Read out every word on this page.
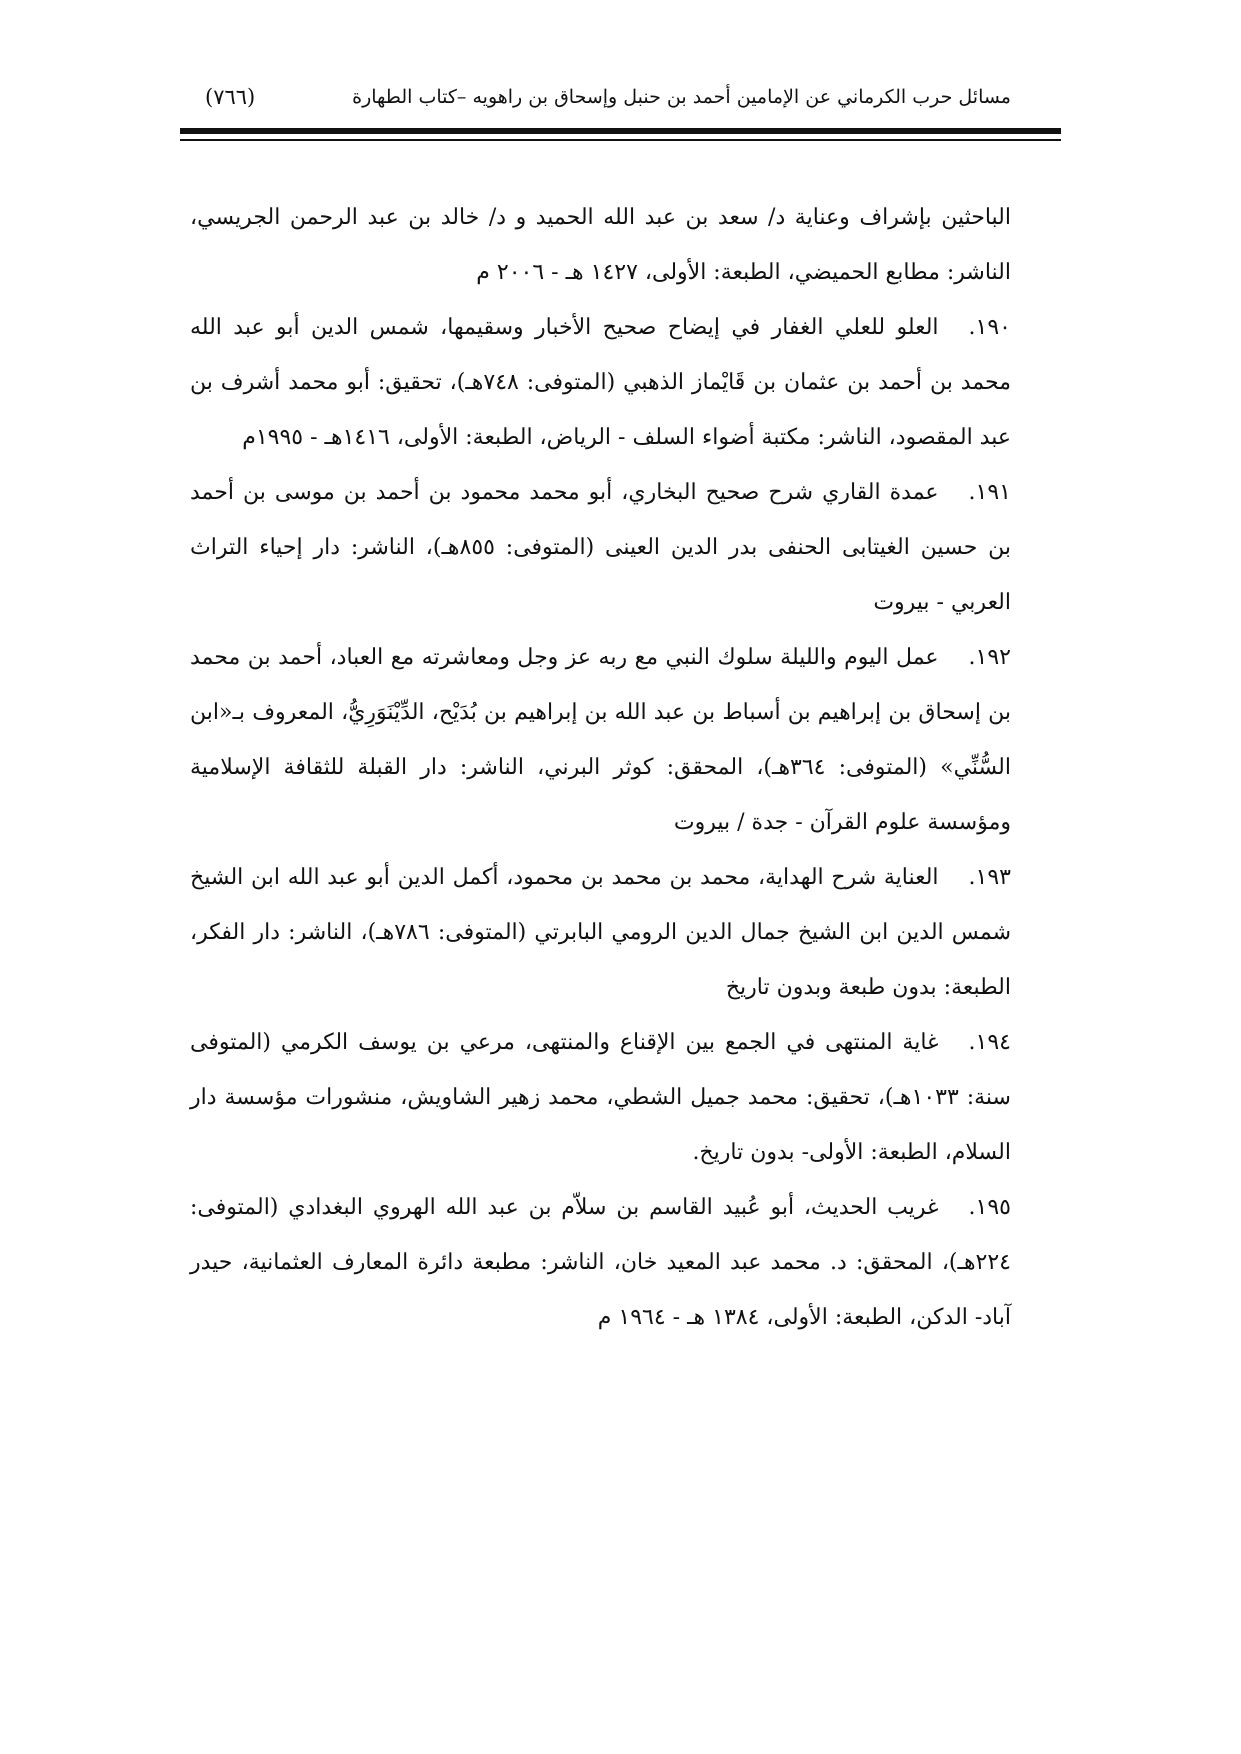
مسائل حرب الكرماني عن الإمامين أحمد بن حنبل وإسحاق بن راهويه –كتاب الطهارة
(٧٦٦)

الباحثين بإشراف وعناية د/ سعد بن عبد الله الحميد و د/ خالد بن عبد الرحمن الجريسي، الناشر: مطابع الحميضي، الطبعة: الأولى، ١٤٢٧ هـ - ٢٠٠٦ م

١٩٠.العلو للعلي الغفار في إيضاح صحيح الأخبار وسقيمها، شمس الدين أبو عبد الله محمد بن أحمد بن عثمان بن قَايْماز الذهبي (المتوفى: ٧٤٨هـ)، تحقيق: أبو محمد أشرف بن عبد المقصود، الناشر: مكتبة أضواء السلف - الرياض، الطبعة: الأولى، ١٤١٦هـ - ١٩٩٥م

١٩١.عمدة القاري شرح صحيح البخاري، أبو محمد محمود بن أحمد بن موسى بن أحمد بن حسين الغيتابى الحنفى بدر الدين العينى (المتوفى: ٨٥٥هـ)، الناشر: دار إحياء التراث العربي - بيروت

١٩٢.عمل اليوم والليلة سلوك النبي مع ربه عز وجل ومعاشرته مع العباد، أحمد بن محمد بن إسحاق بن إبراهيم بن أسباط بن عبد الله بن إبراهيم بن بُدَيْح، الدِّيْنَوَرِيُّ، المعروف بـ«ابن السُّنِّي» (المتوفى: ٣٦٤هـ)، المحقق: كوثر البرني، الناشر: دار القبلة للثقافة الإسلامية ومؤسسة علوم القرآن - جدة / بيروت

١٩٣.العناية شرح الهداية، محمد بن محمد بن محمود، أكمل الدين أبو عبد الله ابن الشيخ شمس الدين ابن الشيخ جمال الدين الرومي البابرتي (المتوفى: ٧٨٦هـ)، الناشر: دار الفكر، الطبعة: بدون طبعة وبدون تاريخ

١٩٤.غاية المنتهى في الجمع بين الإقناع والمنتهى، مرعي بن يوسف الكرمي (المتوفى سنة: ١٠٣٣هـ)، تحقيق: محمد جميل الشطي، محمد زهير الشاويش، منشورات مؤسسة دار السلام، الطبعة: الأولى- بدون تاريخ.

١٩٥.غريب الحديث، أبو عُبيد القاسم بن سلاّم بن عبد الله الهروي البغدادي (المتوفى: ٢٢٤هـ)، المحقق: د. محمد عبد المعيد خان، الناشر: مطبعة دائرة المعارف العثمانية، حيدر آباد- الدكن، الطبعة: الأولى، ١٣٨٤ هـ - ١٩٦٤ م
